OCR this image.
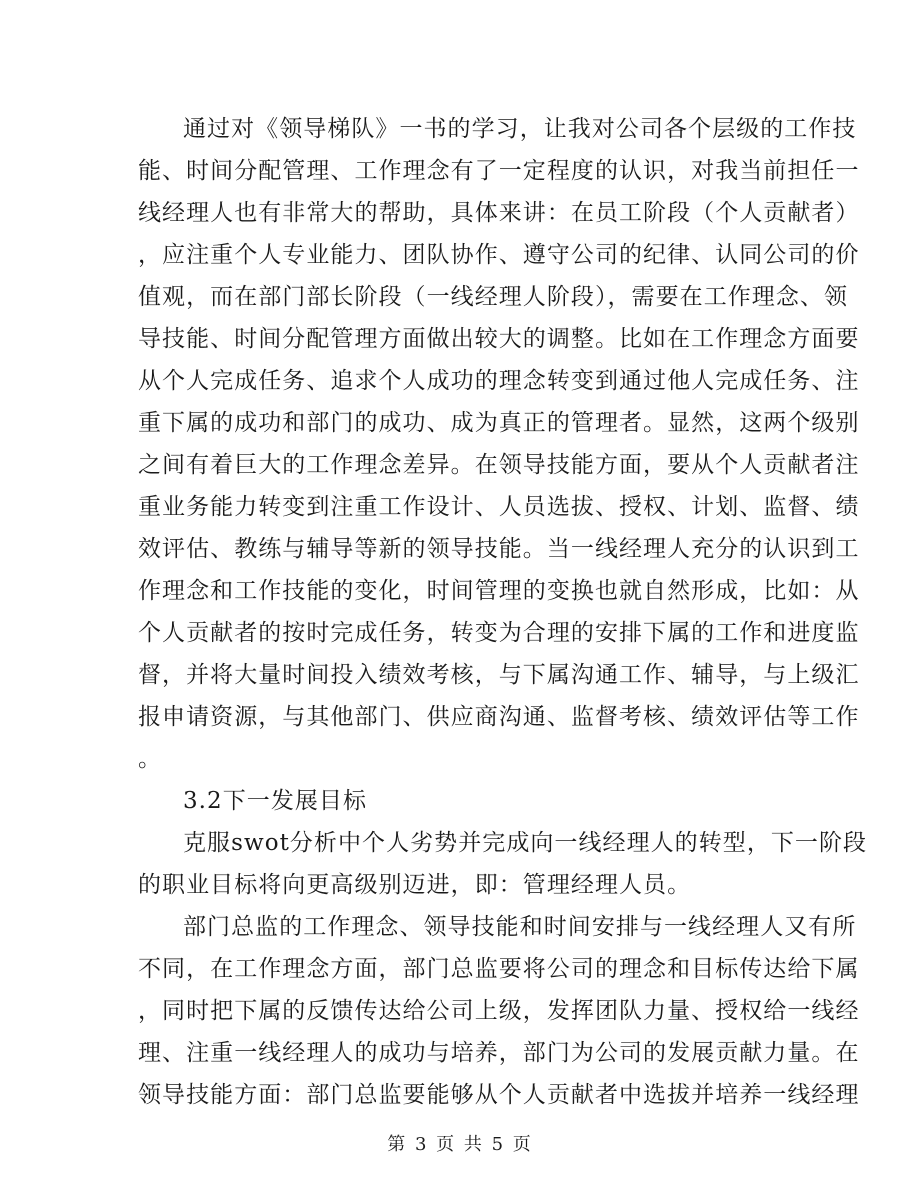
通过对《领导梯队》一书的学习，让我对公司各个层级的工作技
能、时间分配管理、工作理念有了一定程度的认识，对我当前担任一
线经理人也有非常大的帮助，具体来讲：在员工阶段（个人贡献者）
，应注重个人专业能力、团队协作、遵守公司的纪律、认同公司的价
值观，而在部门部长阶段（一线经理人阶段），需要在工作理念、领
导技能、时间分配管理方面做出较大的调整。比如在工作理念方面要
从个人完成任务、追求个人成功的理念转变到通过他人完成任务、注
重下属的成功和部门的成功、成为真正的管理者。显然，这两个级别
之间有着巨大的工作理念差异。在领导技能方面，要从个人贡献者注
重业务能力转变到注重工作设计、人员选拔、授权、计划、监督、绩
效评估、教练与辅导等新的领导技能。当一线经理人充分的认识到工
作理念和工作技能的变化，时间管理的变换也就自然形成，比如：从
个人贡献者的按时完成任务，转变为合理的安排下属的工作和进度监
督，并将大量时间投入绩效考核，与下属沟通工作、辅导，与上级汇
报申请资源，与其他部门、供应商沟通、监督考核、绩效评估等工作
。
3.2下一发展目标
克服swot分析中个人劣势并完成向一线经理人的转型，下一阶段
的职业目标将向更高级别迈进，即：管理经理人员。
部门总监的工作理念、领导技能和时间安排与一线经理人又有所
不同，在工作理念方面，部门总监要将公司的理念和目标传达给下属
，同时把下属的反馈传达给公司上级，发挥团队力量、授权给一线经
理、注重一线经理人的成功与培养，部门为公司的发展贡献力量。在
领导技能方面：部门总监要能够从个人贡献者中选拔并培养一线经理
第 3 页 共 5 页
